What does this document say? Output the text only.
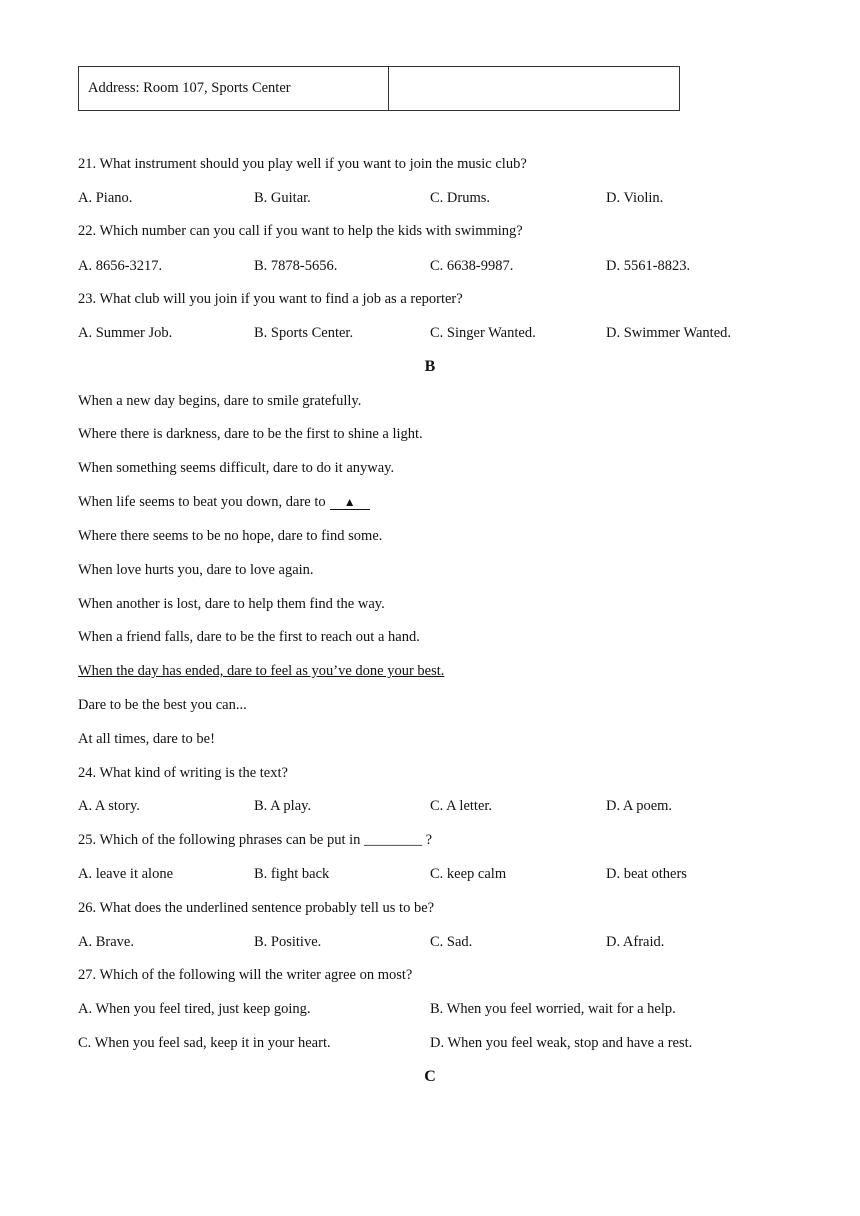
Address: Room 107, Sports Center
21. What instrument should you play well if you want to join the music club?
A. Piano.	B. Guitar.	C. Drums.	D. Violin.
22. Which number can you call if you want to help the kids with swimming?
A. 8656-3217.	B. 7878-5656.	C. 6638-9987.	D. 5561-8823.
23. What club will you join if you want to find a job as a reporter?
A. Summer Job.	B. Sports Center.	C. Singer Wanted.	D. Swimmer Wanted.
B
When a new day begins, dare to smile gratefully.
Where there is darkness, dare to be the first to shine a light.
When something seems difficult, dare to do it anyway.
When life seems to beat you down, dare to ▲
Where there seems to be no hope, dare to find some.
When love hurts you, dare to love again.
When another is lost, dare to help them find the way.
When a friend falls, dare to be the first to reach out a hand.
When the day has ended, dare to feel as you’ve done your best.
Dare to be the best you can...
At all times, dare to be!
24. What kind of writing is the text?
A. A story.	B. A play.	C. A letter.	D. A poem.
25. Which of the following phrases can be put in ________ ?
A. leave it alone	B. fight back	C. keep calm	D. beat others
26. What does the underlined sentence probably tell us to be?
A. Brave.	B. Positive.	C. Sad.	D. Afraid.
27. Which of the following will the writer agree on most?
A. When you feel tired, just keep going.	B. When you feel worried, wait for a help.
C. When you feel sad, keep it in your heart.	D. When you feel weak, stop and have a rest.
C
